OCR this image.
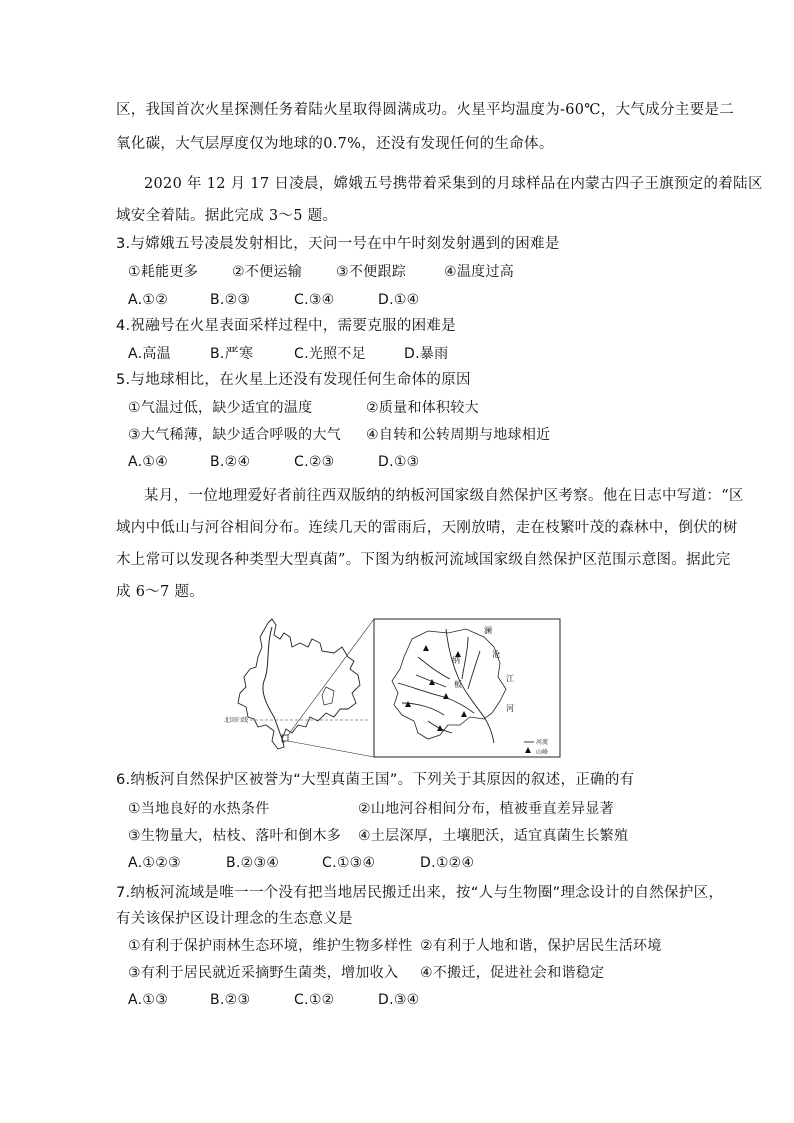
区，我国首次火星探测任务着陆火星取得圆满成功。火星平均温度为-60℃，大气成分主要是二
氧化碳，大气层厚度仅为地球的0.7%，还没有发现任何的生命体。
2020 年 12 月 17 日凌晨，嫦娥五号携带着采集到的月球样品在内蒙古四子王旗预定的着陆区
域安全着陆。据此完成 3～5 题。
3.与嫦娥五号凌晨发射相比，天问一号在中午时刻发射遇到的困难是
①耗能更多 ②不便运输 ③不便跟踪	④温度过高
A.①②	B.②③	C.③④	D.①④
4.祝融号在火星表面采样过程中，需要克服的困难是
A.高温	B.严寒	C.光照不足	D.暴雨
5.与地球相比，在火星上还没有发现任何生命体的原因
①气温过低，缺少适宜的温度	②质量和体积较大
③大气稀薄，缺少适合呼吸的大气 ④自转和公转周期与地球相近
A.①④	B.②④	C.②③	D.①③
某月，一位地理爱好者前往西双版纳的纳板河国家级自然保护区考察。他在日志中写道：“区
域内中低山与河谷相间分布。连续几天的雷雨后，天刚放晴，走在枝繁叶茂的森林中，倒伏的树
木上常可以发现各种类型大型真菌”。下图为纳板河流域国家级自然保护区范围示意图。据此完
成 6～7 题。
北回归线
澜
沧
江
纳
板
河
河流
山峰
6.纳板河自然保护区被誉为“大型真菌王国”。下列关于其原因的叙述，正确的有
①当地良好的水热条件	②山地河谷相间分布，植被垂直差异显著
③生物量大，枯枝、落叶和倒木多 ④土层深厚，土壤肥沃，适宜真菌生长繁殖
A.①②③	B.②③④	C.①③④	D.①②④
7.纳板河流域是唯一一个没有把当地居民搬迁出来，按“人与生物圈”理念设计的自然保护区，
有关该保护区设计理念的生态意义是
①有利于保护雨林生态环境，维护生物多样性 ②有利于人地和谐，保护居民生活环境
③有利于居民就近采摘野生菌类，增加收入 ④不搬迁，促进社会和谐稳定
A.①③	B.②③	C.①②	D.③④
